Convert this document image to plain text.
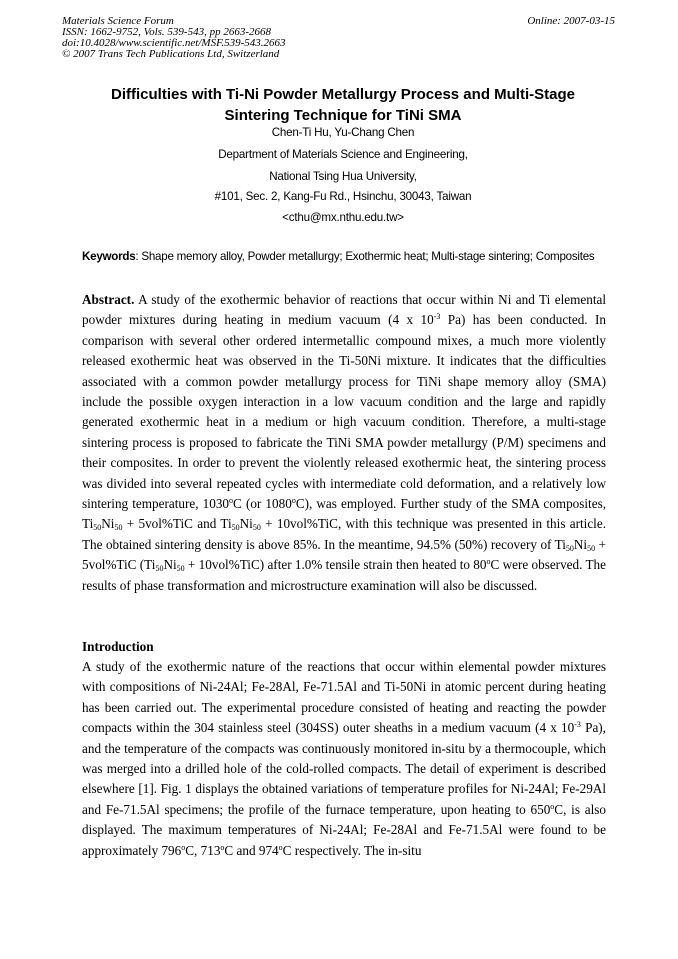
Materials Science Forum
ISSN: 1662-9752, Vols. 539-543, pp 2663-2668
doi:10.4028/www.scientific.net/MSF.539-543.2663
© 2007 Trans Tech Publications Ltd, Switzerland
Online: 2007-03-15
Difficulties with Ti-Ni Powder Metallurgy Process and Multi-Stage
Sintering Technique for TiNi SMA
Chen-Ti Hu, Yu-Chang Chen
Department of Materials Science and Engineering,
National Tsing Hua University,
#101, Sec. 2, Kang-Fu Rd., Hsinchu, 30043, Taiwan
<cthu@mx.nthu.edu.tw>
Keywords: Shape memory alloy, Powder metallurgy; Exothermic heat; Multi-stage sintering; Composites
Abstract. A study of the exothermic behavior of reactions that occur within Ni and Ti elemental powder mixtures during heating in medium vacuum (4 x $10^{-3}$ Pa) has been conducted. In comparison with several other ordered intermetallic compound mixes, a much more violently released exothermic heat was observed in the Ti-50Ni mixture. It indicates that the difficulties associated with a common powder metallurgy process for TiNi shape memory alloy (SMA) include the possible oxygen interaction in a low vacuum condition and the large and rapidly generated exothermic heat in a medium or high vacuum condition. Therefore, a multi-stage sintering process is proposed to fabricate the TiNi SMA powder metallurgy (P/M) specimens and their composites. In order to prevent the violently released exothermic heat, the sintering process was divided into several repeated cycles with intermediate cold deformation, and a relatively low sintering temperature, 1030$^o$C (or 1080$^o$C), was employed. Further study of the SMA composites, $Ti_{50}Ni_{50} + 5vol\%TiC$ and $Ti_{50}Ni_{50} + 10vol\%TiC$, with this technique was presented in this article. The obtained sintering density is above 85%. In the meantime, 94.5% (50%) recovery of $Ti_{50}Ni_{50} + 5vol\%TiC$ $(Ti_{50}Ni_{50} + 10vol\%TiC)$ after 1.0% tensile strain then heated to 80$^o$C were observed. The results of phase transformation and microstructure examination will also be discussed.
Introduction
A study of the exothermic nature of the reactions that occur within elemental powder mixtures with compositions of Ni-24Al; Fe-28Al, Fe-71.5Al and Ti-50Ni in atomic percent during heating has been carried out. The experimental procedure consisted of heating and reacting the powder compacts within the 304 stainless steel (304SS) outer sheaths in a medium vacuum (4 x $10^{-3}$ Pa), and the temperature of the compacts was continuously monitored in-situ by a thermocouple, which was merged into a drilled hole of the cold-rolled compacts. The detail of experiment is described elsewhere [1]. Fig. 1 displays the obtained variations of temperature profiles for Ni-24Al; Fe-29Al and Fe-71.5Al specimens; the profile of the furnace temperature, upon heating to 650$^o$C, is also displayed. The maximum temperatures of Ni-24Al; Fe-28Al and Fe-71.5Al were found to be approximately 796$^o$C, 713$^o$C and 974$^o$C respectively. The in-situ
